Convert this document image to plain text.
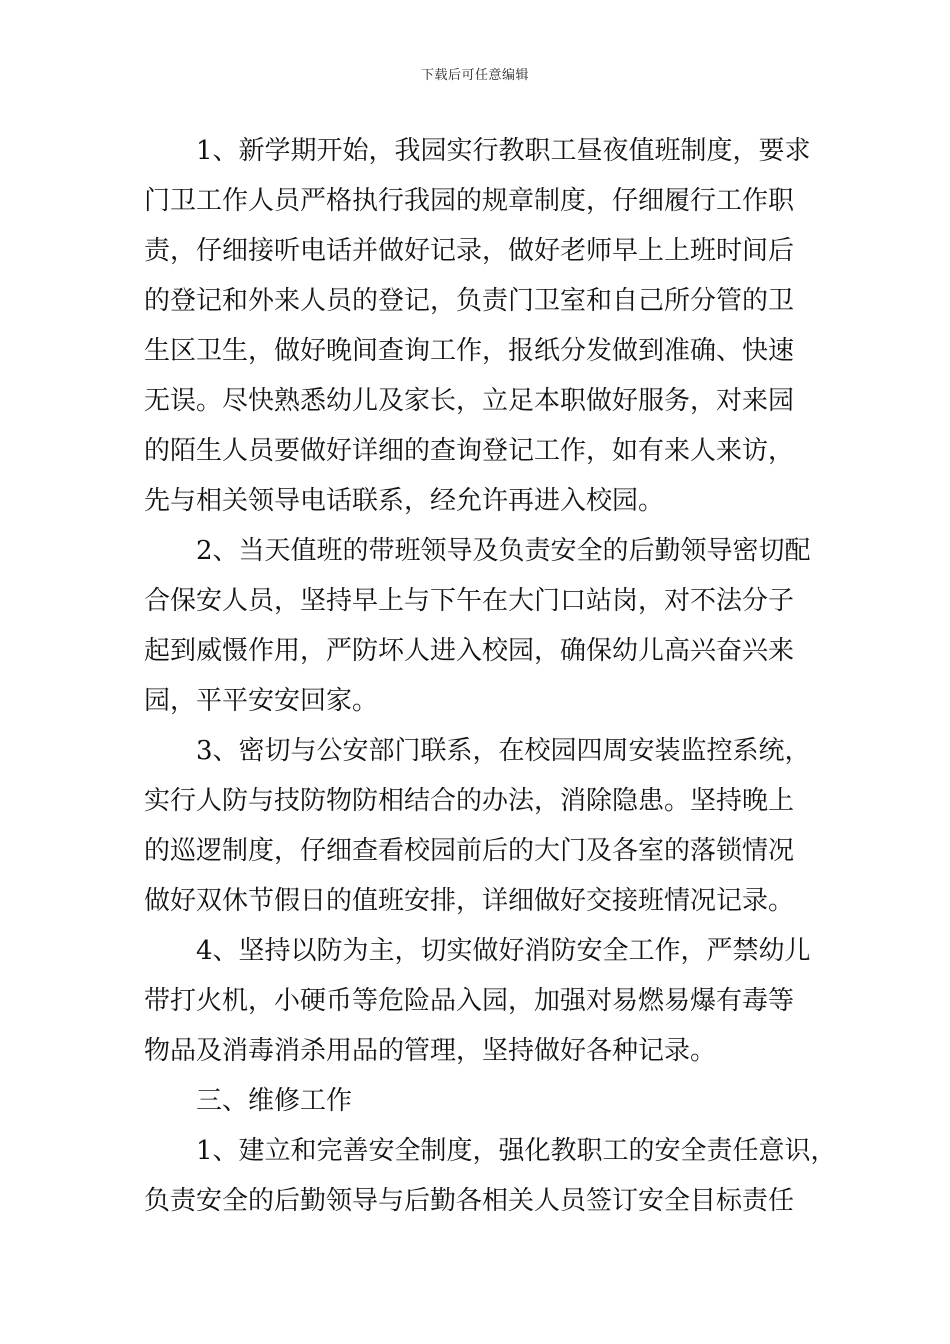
下载后可任意编辑
1、新学期开始，我园实行教职工昼夜值班制度，要求
门卫工作人员严格执行我园的规章制度，仔细履行工作职
责，仔细接听电话并做好记录，做好老师早上上班时间后
的登记和外来人员的登记，负责门卫室和自己所分管的卫
生区卫生，做好晚间查询工作，报纸分发做到准确、快速
无误。尽快熟悉幼儿及家长，立足本职做好服务，对来园
的陌生人员要做好详细的查询登记工作，如有来人来访，
先与相关领导电话联系，经允许再进入校园。
2、当天值班的带班领导及负责安全的后勤领导密切配
合保安人员，坚持早上与下午在大门口站岗，对不法分子
起到威慑作用，严防坏人进入校园，确保幼儿高兴奋兴来
园，平平安安回家。
3、密切与公安部门联系，在校园四周安装监控系统，
实行人防与技防物防相结合的办法，消除隐患。坚持晚上
的巡逻制度，仔细查看校园前后的大门及各室的落锁情况
做好双休节假日的值班安排，详细做好交接班情况记录。
4、坚持以防为主，切实做好消防安全工作，严禁幼儿
带打火机，小硬币等危险品入园，加强对易燃易爆有毒等
物品及消毒消杀用品的管理，坚持做好各种记录。
三、维修工作
1、建立和完善安全制度，强化教职工的安全责任意识，
负责安全的后勤领导与后勤各相关人员签订安全目标责任
